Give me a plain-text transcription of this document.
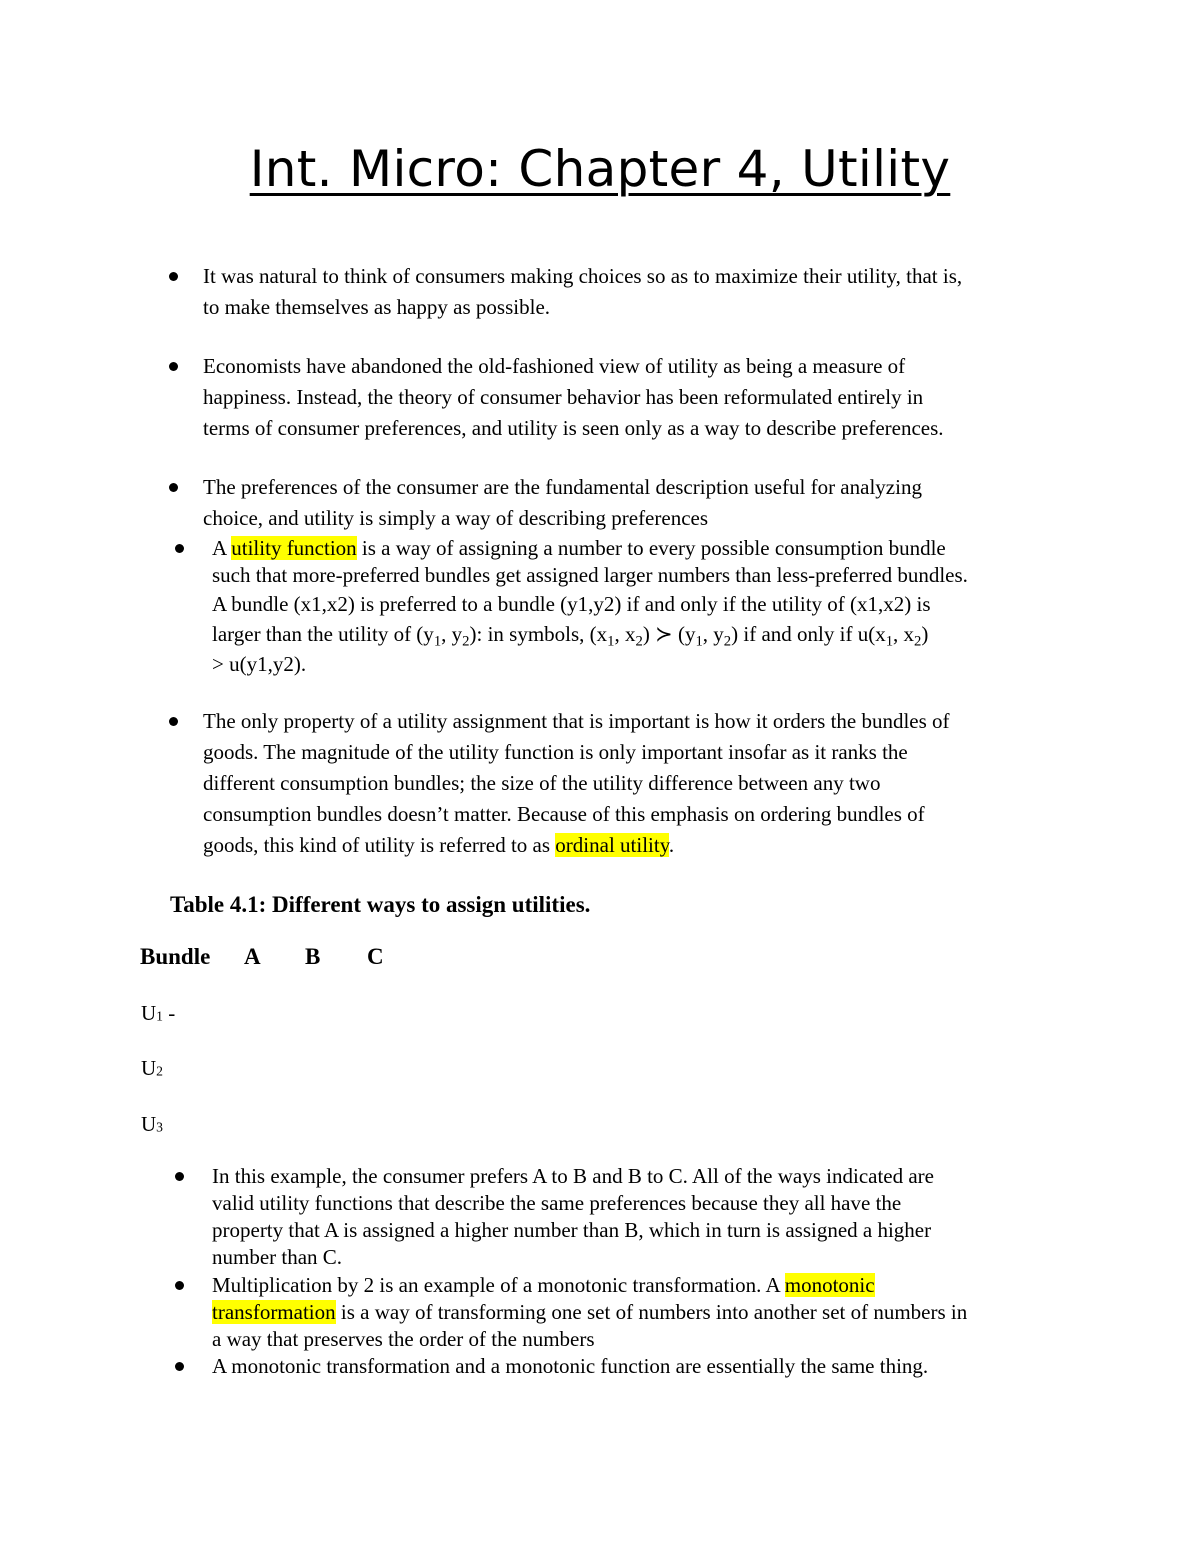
Int. Micro: Chapter 4, Utility
It was natural to think of consumers making choices so as to maximize their utility, that is,
to make themselves as happy as possible.
Economists have abandoned the old-fashioned view of utility as being a measure of
happiness. Instead, the theory of consumer behavior has been reformulated entirely in
terms of consumer preferences, and utility is seen only as a way to describe preferences.
The preferences of the consumer are the fundamental description useful for analyzing
choice, and utility is simply a way of describing preferences
A utility function is a way of assigning a number to every possible consumption bundle
such that more-preferred bundles get assigned larger numbers than less-preferred bundles.
A bundle (x1,x2) is preferred to a bundle (y1,y2) if and only if the utility of (x1,x2) is
larger than the utility of ($y_1$, $y_2$): in symbols, ($x_1$, $x_2$) ≻ ($y_1$, $y_2$) if and only if $u(x_1$, $x_2$)
> u(y1,y2).
The only property of a utility assignment that is important is how it orders the bundles of
goods. The magnitude of the utility function is only important insofar as it ranks the
different consumption bundles; the size of the utility difference between any two
consumption bundles doesn’t matter. Because of this emphasis on ordering bundles of
goods, this kind of utility is referred to as ordinal utility.
Table 4.1: Different ways to assign utilities.
Bundle A B C
$U_1$ -
$U_2$
$U_3$
In this example, the consumer prefers A to B and B to C. All of the ways indicated are
valid utility functions that describe the same preferences because they all have the
property that A is assigned a higher number than B, which in turn is assigned a higher
number than C.
Multiplication by 2 is an example of a monotonic transformation. A monotonic
transformation is a way of transforming one set of numbers into another set of numbers in
a way that preserves the order of the numbers
A monotonic transformation and a monotonic function are essentially the same thing.
